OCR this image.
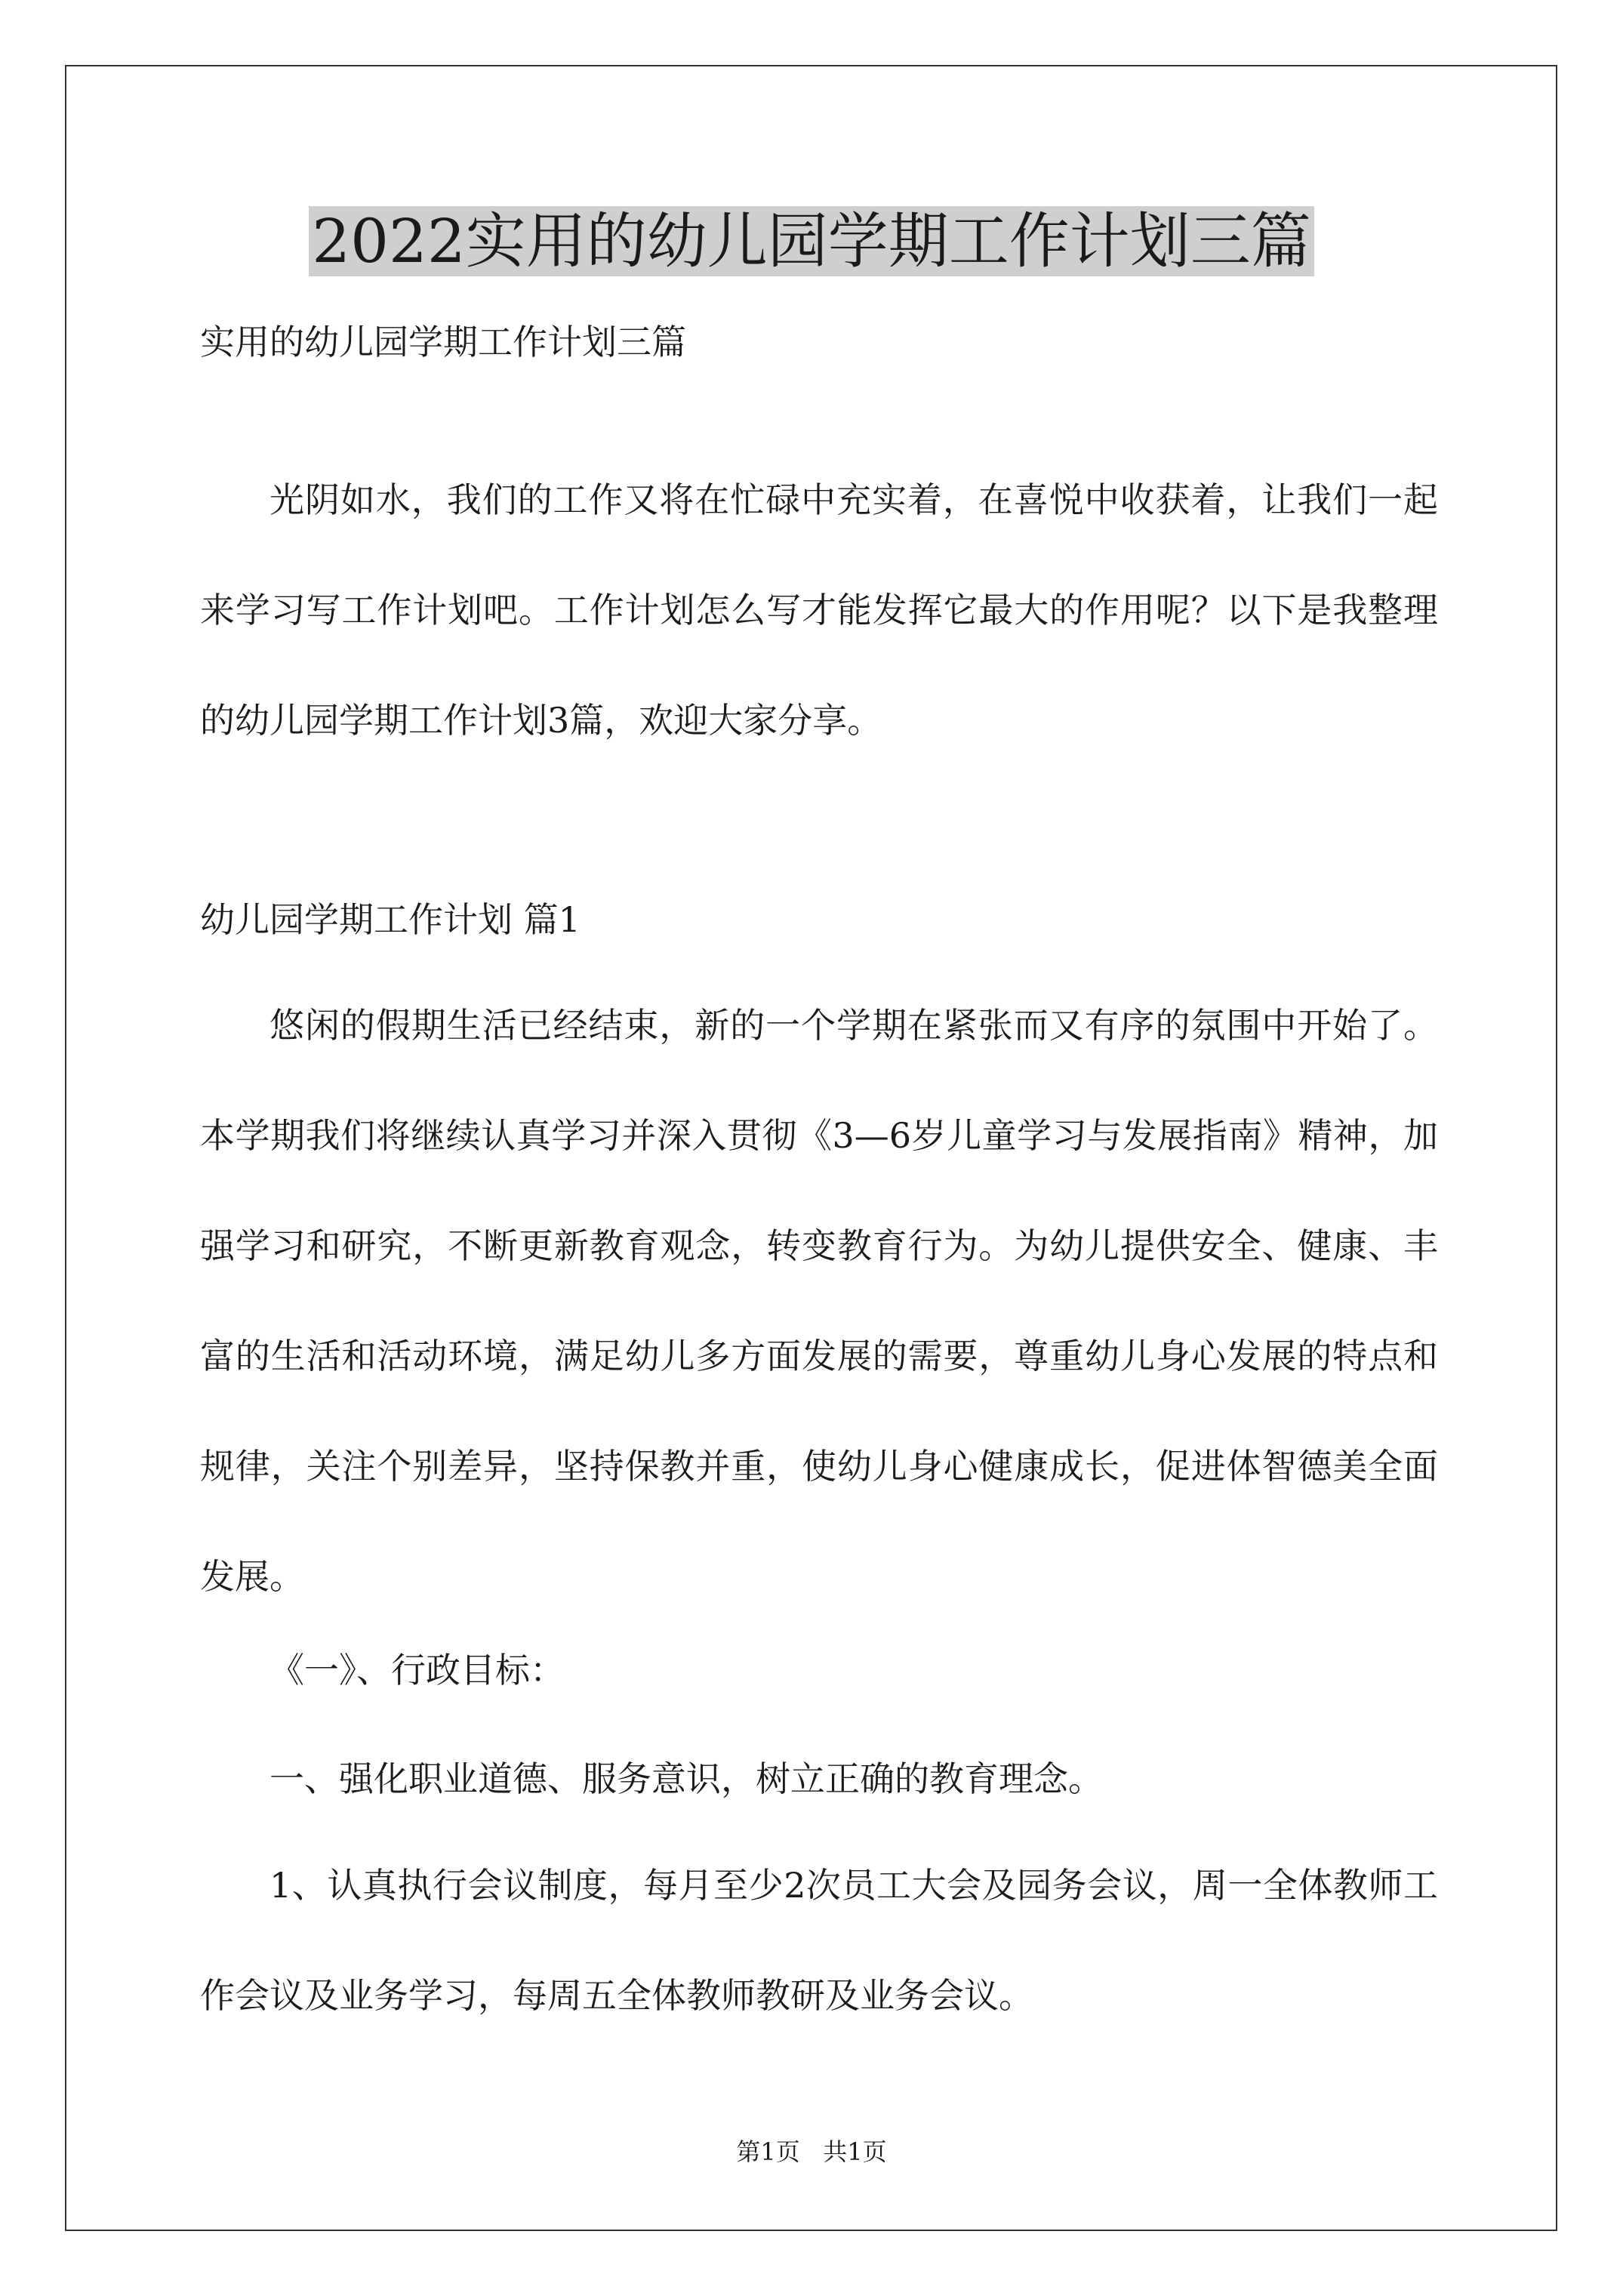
2022实用的幼儿园学期工作计划三篇

实用的幼儿园学期工作计划三篇

光阴如水，我们的工作又将在忙碌中充实着，在喜悦中收获着，让我们一起来学习写工作计划吧。工作计划怎么写才能发挥它最大的作用呢？以下是我整理的幼儿园学期工作计划3篇，欢迎大家分享。

幼儿园学期工作计划 篇1

悠闲的假期生活已经结束，新的一个学期在紧张而又有序的氛围中开始了。本学期我们将继续认真学习并深入贯彻《3—6岁儿童学习与发展指南》精神，加强学习和研究，不断更新教育观念，转变教育行为。为幼儿提供安全、健康、丰富的生活和活动环境，满足幼儿多方面发展的需要，尊重幼儿身心发展的特点和规律，关注个别差异，坚持保教并重，使幼儿身心健康成长，促进体智德美全面发展。

《一》、行政目标：

一、强化职业道德、服务意识，树立正确的教育理念。

1、认真执行会议制度，每月至少2次员工大会及园务会议，周一全体教师工作会议及业务学习，每周五全体教师教研及业务会议。

第1页   共1页
